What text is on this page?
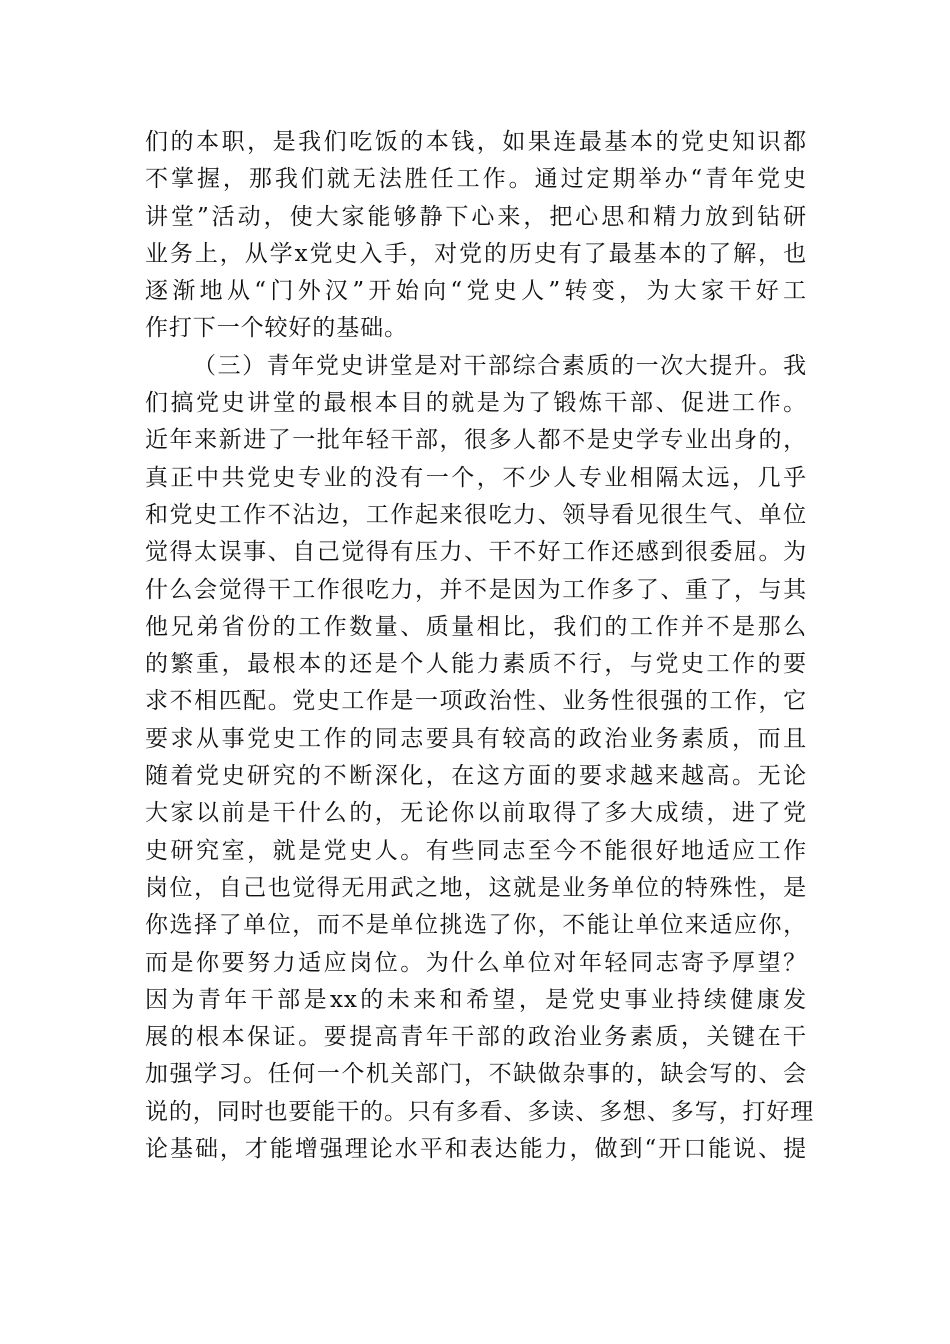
们的本职，是我们吃饭的本钱，如果连最基本的党史知识都
不掌握，那我们就无法胜任工作。通过定期举办“青年党史
讲堂”活动，使大家能够静下心来，把心思和精力放到钻研
业务上，从学x党史入手，对党的历史有了最基本的了解，也
逐渐地从“门外汉”开始向“党史人”转变，为大家干好工
作打下一个较好的基础。
（三）青年党史讲堂是对干部综合素质的一次大提升。我
们搞党史讲堂的最根本目的就是为了锻炼干部、促进工作。
近年来新进了一批年轻干部，很多人都不是史学专业出身的，
真正中共党史专业的没有一个，不少人专业相隔太远，几乎
和党史工作不沾边，工作起来很吃力、领导看见很生气、单位
觉得太误事、自己觉得有压力、干不好工作还感到很委屈。为
什么会觉得干工作很吃力，并不是因为工作多了、重了，与其
他兄弟省份的工作数量、质量相比，我们的工作并不是那么
的繁重，最根本的还是个人能力素质不行，与党史工作的要
求不相匹配。党史工作是一项政治性、业务性很强的工作，它
要求从事党史工作的同志要具有较高的政治业务素质，而且
随着党史研究的不断深化，在这方面的要求越来越高。无论
大家以前是干什么的，无论你以前取得了多大成绩，进了党
史研究室，就是党史人。有些同志至今不能很好地适应工作
岗位，自己也觉得无用武之地，这就是业务单位的特殊性，是
你选择了单位，而不是单位挑选了你，不能让单位来适应你，
而是你要努力适应岗位。为什么单位对年轻同志寄予厚望？
因为青年干部是xx的未来和希望，是党史事业持续健康发
展的根本保证。要提高青年干部的政治业务素质，关键在干
加强学习。任何一个机关部门，不缺做杂事的，缺会写的、会
说的，同时也要能干的。只有多看、多读、多想、多写，打好理
论基础，才能增强理论水平和表达能力，做到“开口能说、提
